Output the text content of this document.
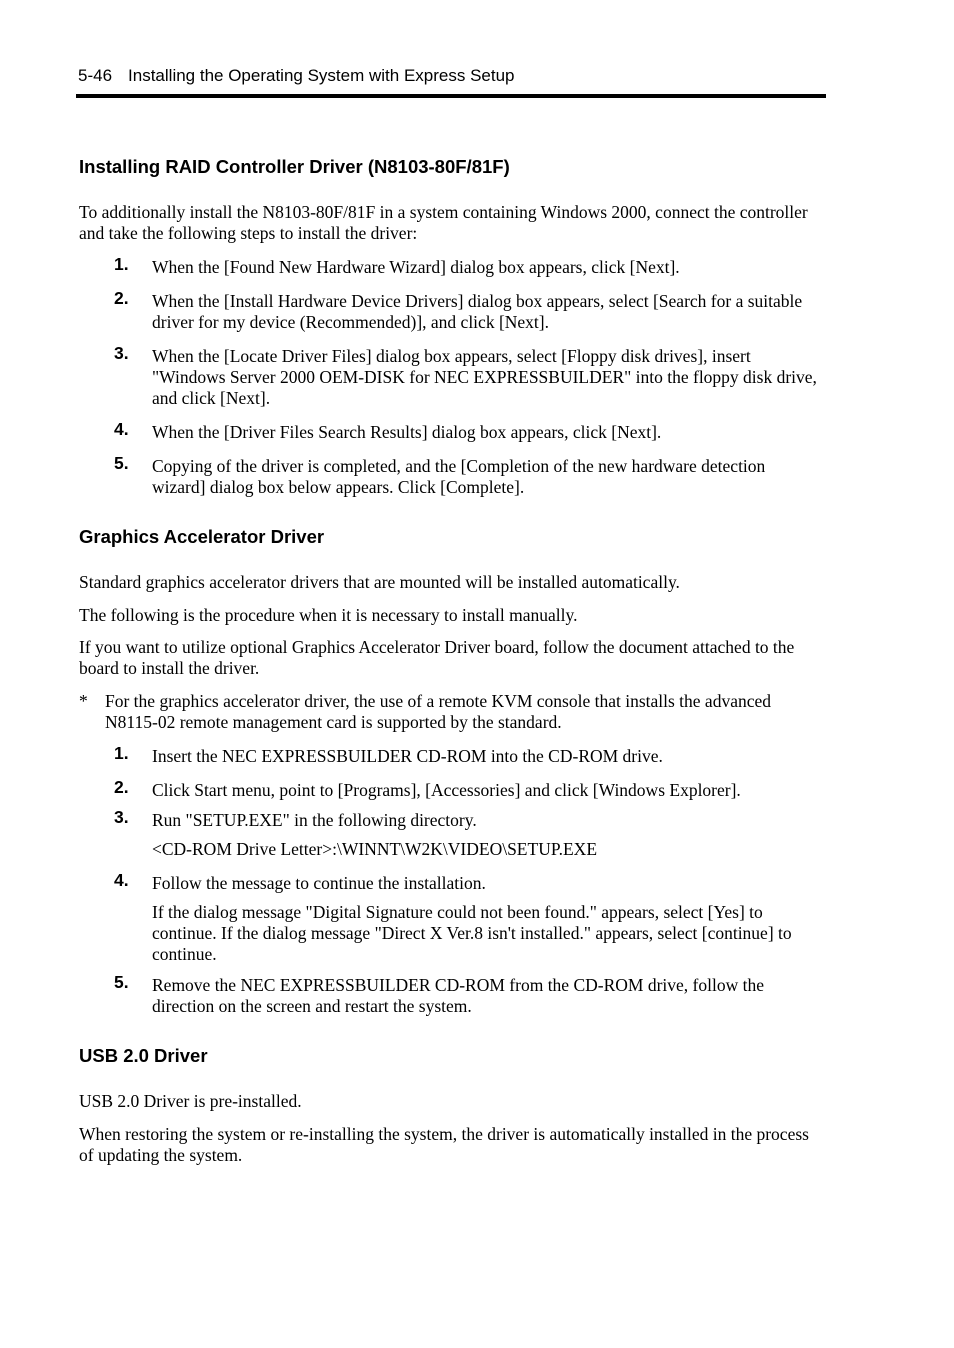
5-46 Installing the Operating System with Express Setup
Installing RAID Controller Driver (N8103-80F/81F)

To additionally install the N8103-80F/81F in a system containing Windows 2000, connect the controller and take the following steps to install the driver:

1. When the [Found New Hardware Wizard] dialog box appears, click [Next].

2. When the [Install Hardware Device Drivers] dialog box appears, select [Search for a suitable driver for my device (Recommended)], and click [Next].

3. When the [Locate Driver Files] dialog box appears, select [Floppy disk drives], insert "Windows Server 2000 OEM-DISK for NEC EXPRESSBUILDER" into the floppy disk drive, and click [Next].

4. When the [Driver Files Search Results] dialog box appears, click [Next].

5. Copying of the driver is completed, and the [Completion of the new hardware detection wizard] dialog box below appears. Click [Complete].

Graphics Accelerator Driver

Standard graphics accelerator drivers that are mounted will be installed automatically.

The following is the procedure when it is necessary to install manually.

If you want to utilize optional Graphics Accelerator Driver board, follow the document attached to the board to install the driver.

* For the graphics accelerator driver, the use of a remote KVM console that installs the advanced N8115-02 remote management card is supported by the standard.

1. Insert the NEC EXPRESSBUILDER CD-ROM into the CD-ROM drive.

2. Click Start menu, point to [Programs], [Accessories] and click [Windows Explorer].

3. Run "SETUP.EXE" in the following directory.

<CD-ROM Drive Letter>:\WINNT\W2K\VIDEO\SETUP.EXE

4. Follow the message to continue the installation.

If the dialog message "Digital Signature could not been found." appears, select [Yes] to continue. If the dialog message "Direct X Ver.8 isn't installed." appears, select [continue] to continue.

5. Remove the NEC EXPRESSBUILDER CD-ROM from the CD-ROM drive, follow the direction on the screen and restart the system.

USB 2.0 Driver

USB 2.0 Driver is pre-installed.

When restoring the system or re-installing the system, the driver is automatically installed in the process of updating the system.
